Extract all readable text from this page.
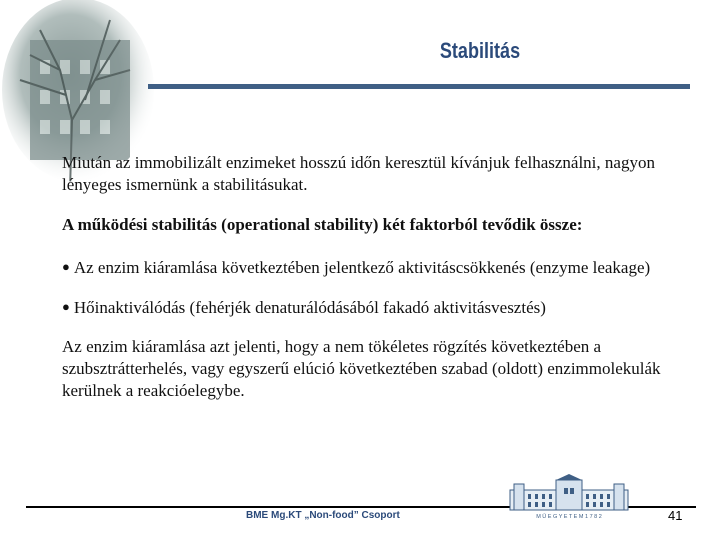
Stabilitás

Miután az immobilizált enzimeket hosszú időn keresztül kívánjuk felhasználni, nagyon lényeges ismernünk a stabilitásukat.

A működési stabilitás (operational stability) két faktorból tevődik össze:

● Az enzim kiáramlása következtében jelentkező aktivitáscsökkenés (enzyme leakage)

● Hőinaktiválódás (fehérjék denaturálódásából fakadó aktivitásvesztés)

Az enzim kiáramlása azt jelenti, hogy a nem tökéletes rögzítés következtében a szubsztrátterhelés, vagy egyszerű elúció következtében szabad (oldott) enzimmolekulák kerülnek a reakcióelegybe.

BME Mg.KT „Non-food” Csoport	M Ű E G Y E T E M 1 7 8 2	41
